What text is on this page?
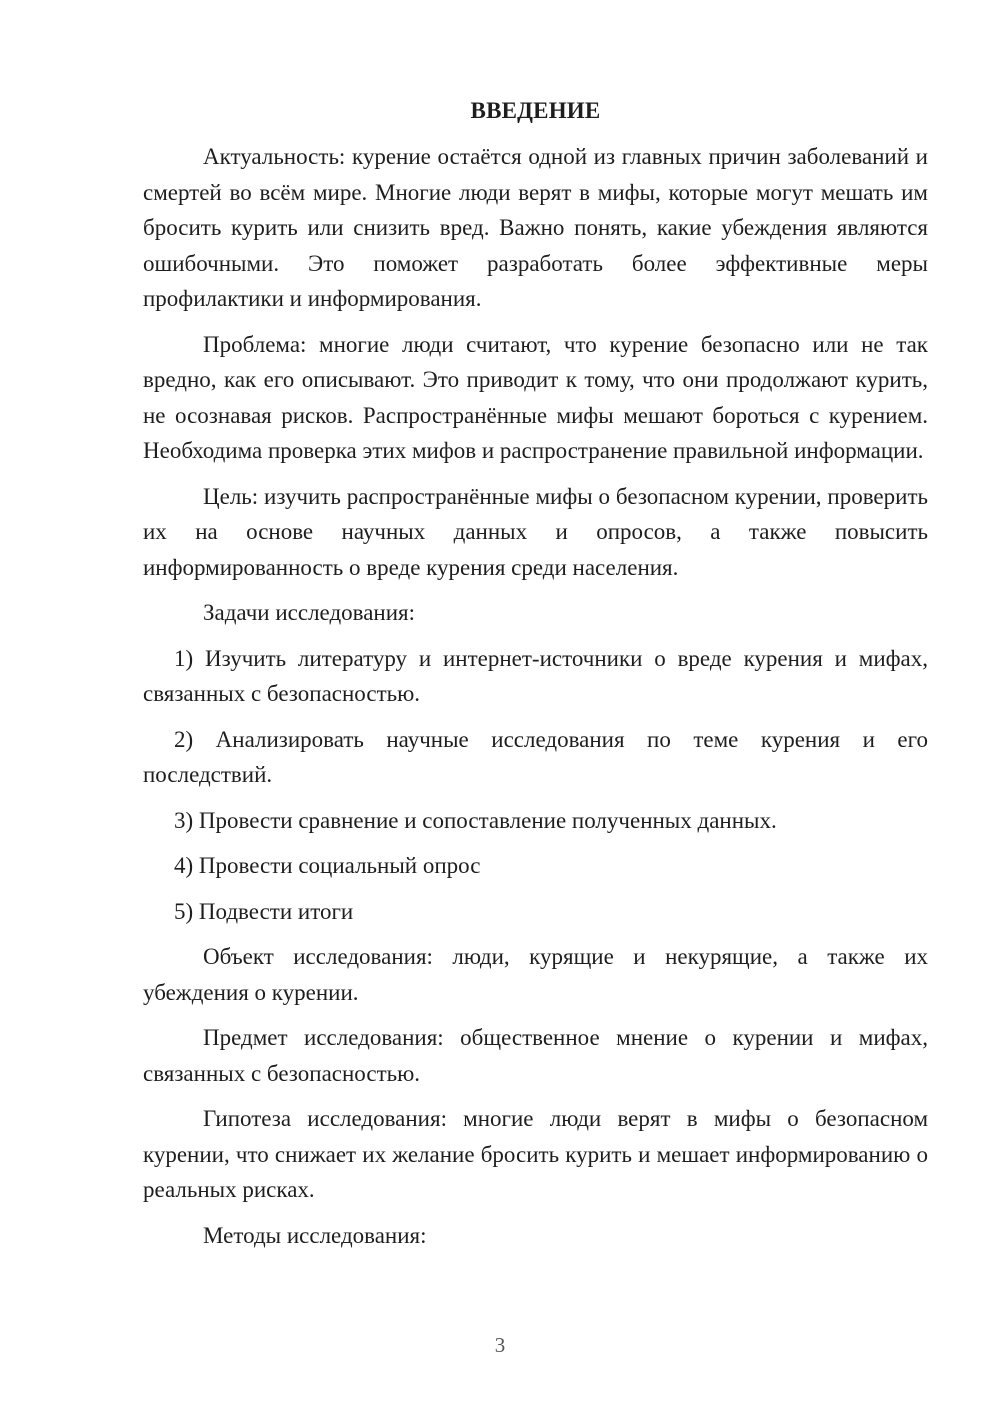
ВВЕДЕНИЕ

Актуальность: курение остаётся одной из главных причин заболеваний и смертей во всём мире. Многие люди верят в мифы, которые могут мешать им бросить курить или снизить вред. Важно понять, какие убеждения являются ошибочными. Это поможет разработать более эффективные меры профилактики и информирования.

Проблема: многие люди считают, что курение безопасно или не так вредно, как его описывают. Это приводит к тому, что они продолжают курить, не осознавая рисков. Распространённые мифы мешают бороться с курением. Необходима проверка этих мифов и распространение правильной информации.

Цель: изучить распространённые мифы о безопасном курении, проверить их на основе научных данных и опросов, а также повысить информированность о вреде курения среди населения.

Задачи исследования:

1) Изучить литературу и интернет-источники о вреде курения и мифах, связанных с безопасностью.

2) Анализировать научные исследования по теме курения и его последствий.

3) Провести сравнение и сопоставление полученных данных.

4) Провести социальный опрос

5) Подвести итоги

Объект исследования: люди, курящие и некурящие, а также их убеждения о курении.

Предмет исследования: общественное мнение о курении и мифах, связанных с безопасностью.

Гипотеза исследования: многие люди верят в мифы о безопасном курении, что снижает их желание бросить курить и мешает информированию о реальных рисках.

Методы исследования:

3
